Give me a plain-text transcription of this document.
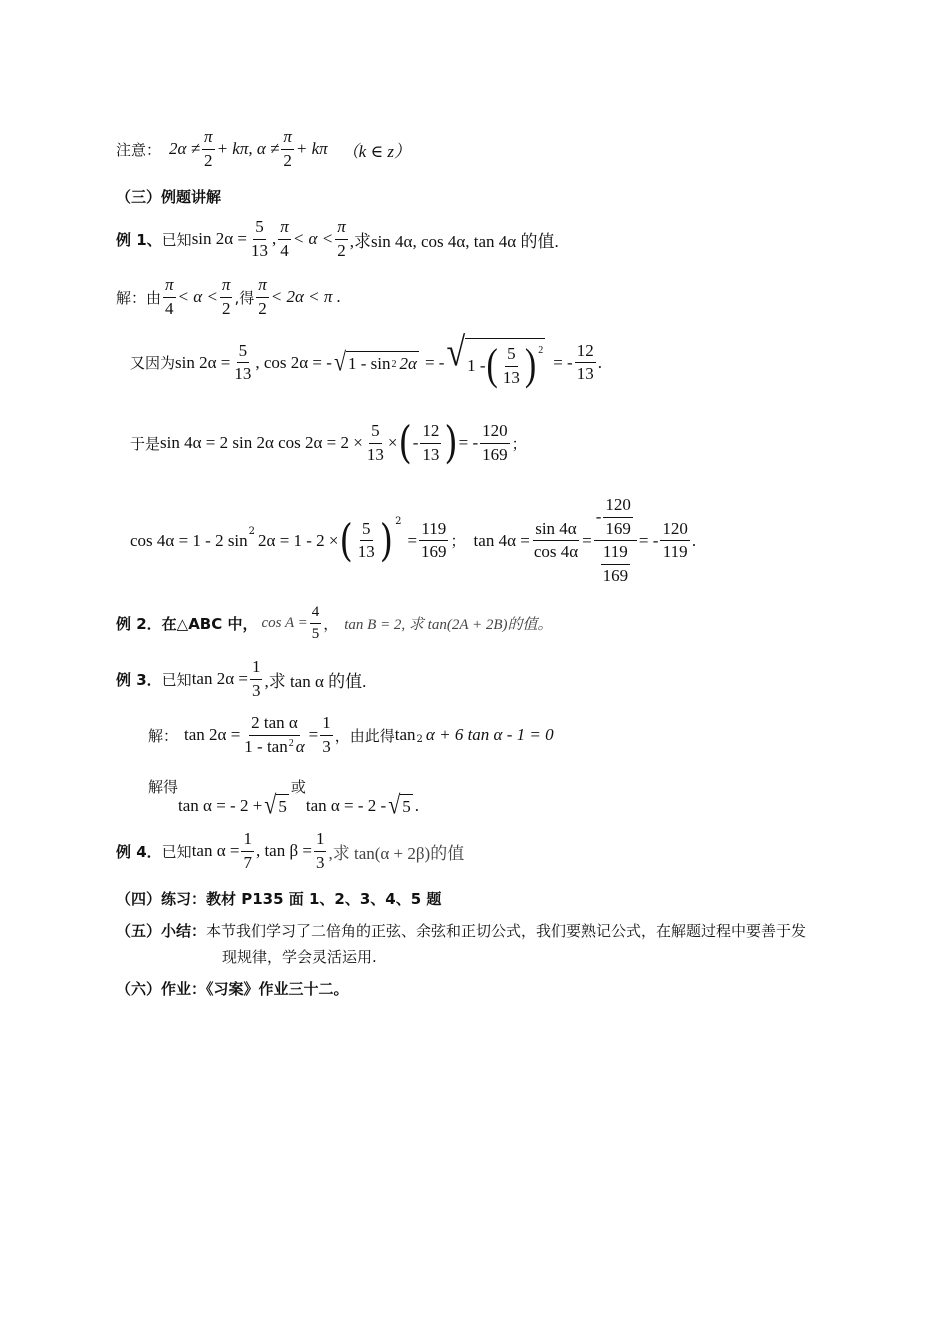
注意： $2\alpha \ne \frac{\pi}{2} + k\pi$, $\alpha \ne \frac{\pi}{2} + k\pi$ （k ∈ z）
（三）例题讲解
例 1、 已知 $\sin 2\alpha = \frac{5}{13}$ , $\frac{\pi}{4} < \alpha < \frac{\pi}{2}$ ,求sin 4α, cos 4α, tan 4α 的值.
解：由 $\frac{\pi}{4} < \alpha < \frac{\pi}{2}$ ,得 $\frac{\pi}{2} < 2\alpha < \pi$ .
又因为 $\sin 2\alpha = \frac{5}{13}$ , cos 2α = - √ 1 - sin 2 2α = - √ 1 - ( $\frac{5}{13}$ ) 2
= - $\frac{12}{13}$ .
于是 sin 4α = 2 sin 2α $\cos 2\alpha = 2 \times \frac{5}{13}$ × ( - $\frac{12}{13}$ ) = - $\frac{120}{169}$ ；
cos 4α = 1 - 2 sin 2 2α = 1 - 2 × ( $\frac{5}{13}$ ) 2
= $\frac{119}{169}$ ； $\tan 4\alpha = \frac{\sin 4\alpha}{\cos 4\alpha} = \frac{- \frac{120}{169}}{\frac{119}{169}}$ = - $\frac{120}{119}$ .
例 2．在△ABC 中， $\cos A = \frac{4}{5}$ ， tan B = 2, 求 tan(2A + 2B)的值。
例 3． 已知 $\tan 2\alpha = \frac{1}{3}$ ,求 tan α 的值.
解： $\tan 2\alpha = \frac{\text{2 tan α}}{1 - \tan 2 \alpha} = \frac{1}{3}$ ，由此得 tan 2 α + 6 tan α - 1 = 0
解得
tan α = - 2 + √ 5
或
tan α = - 2 - √ 5 .
例 4． 已知 $\tan \alpha = \frac{1}{7}$ , $\tan \beta = \frac{1}{3}$ ,求 tan(α + 2β)的值
（四）练习：教材 P135 面 1、2、3、4、5 题
（五）小结： 本节我们学习了二倍角的正弦、余弦和正切公式，我们要熟记公式，在解题过程中要善于发
现规律，学会灵活运用.
（六）作业：《习案》作业三十二。
